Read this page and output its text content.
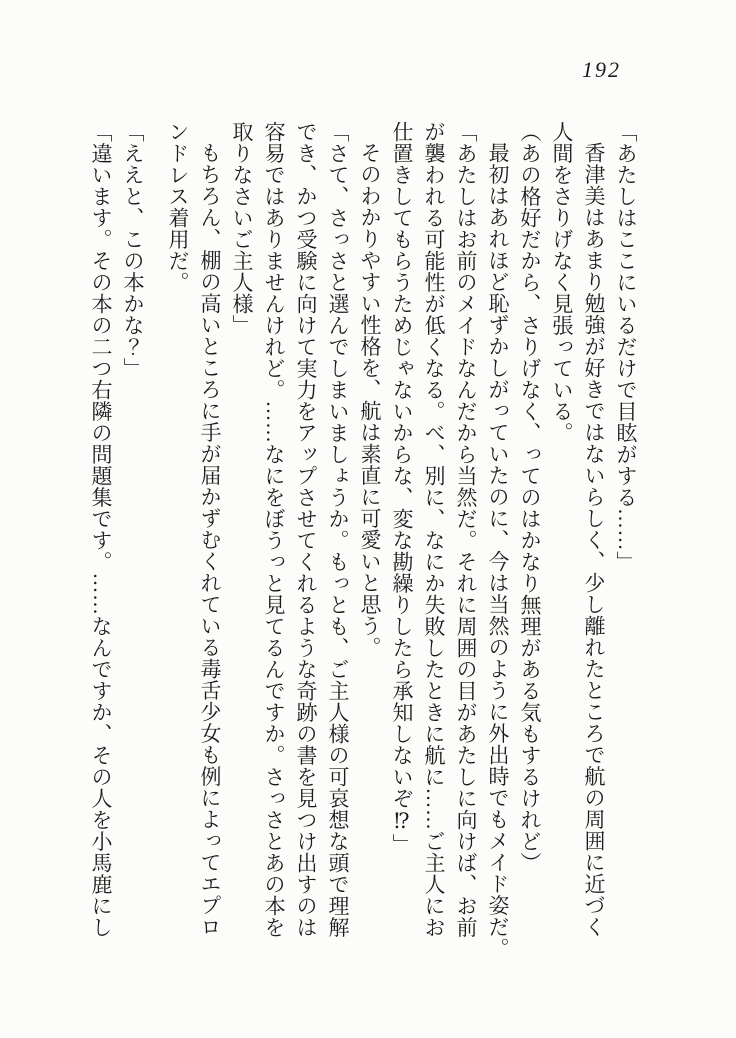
192
「あたしはここにいるだけで目眩がする……」
香津美はあまり勉強が好きではないらしく、少し離れたところで航の周囲に近づく
人間をさりげなく見張っている。
（あの格好だから、さりげなく、ってのはかなり無理がある気もするけれど）
最初はあれほど恥ずかしがっていたのに、今は当然のように外出時でもメイド姿だ。
「あたしはお前のメイドなんだから当然だ。それに周囲の目があたしに向けば、お前
が襲われる可能性が低くなる。べ、別に、なにか失敗したときに航に……ご主人にお
仕置きしてもらうためじゃないからな、変な勘繰りしたら承知しないぞ⁉」
そのわかりやすい性格を、航は素直に可愛いと思う。
「さて、さっさと選んでしまいましょうか。もっとも、ご主人様の可哀想な頭で理解
でき、かつ受験に向けて実力をアップさせてくれるような奇跡の書を見つけ出すのは
容易ではありませんけれど。……なにをぼうっと見てるんですか。さっさとあの本を
取りなさいご主人様」
もちろん、棚の高いところに手が届かずむくれている毒舌少女も例によってエプロ
ンドレス着用だ。
「ええと、この本かな？」
「違います。その本の二つ右隣の問題集です。……なんですか、その人を小馬鹿にし
